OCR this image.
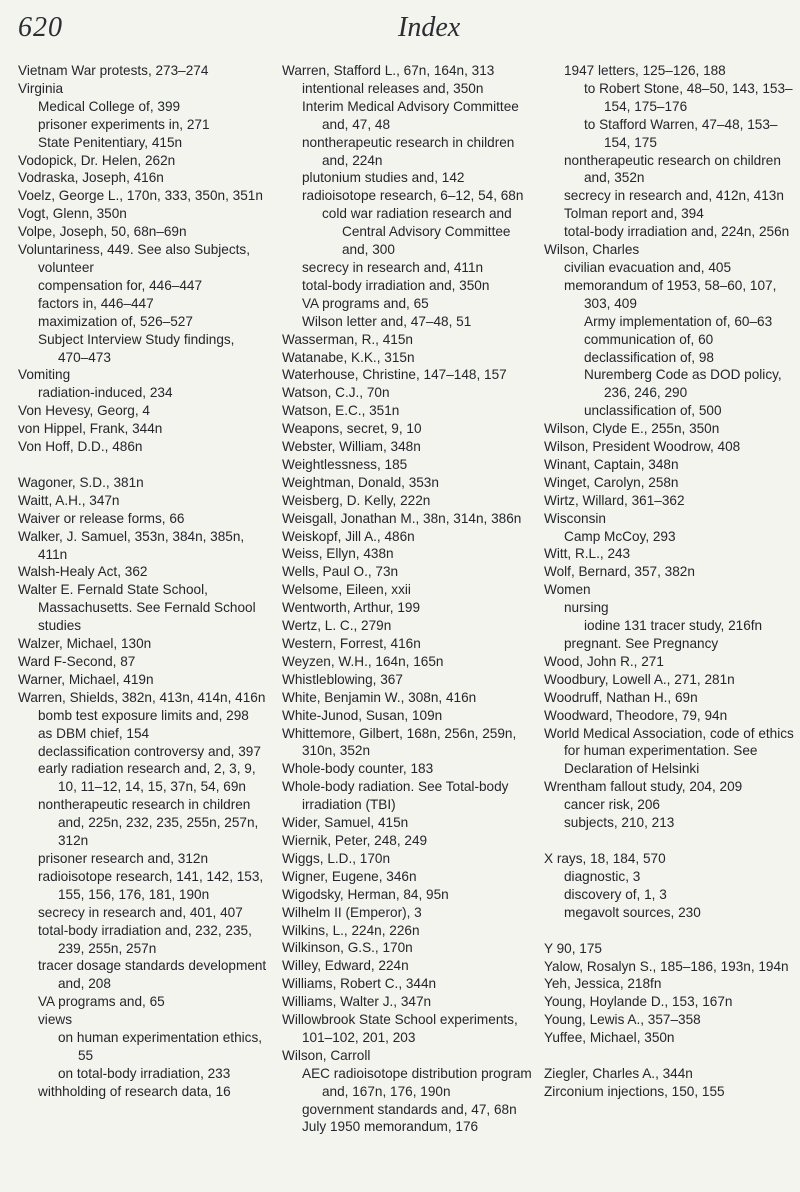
620	Index
Vietnam War protests, 273–274
Virginia
Medical College of, 399
prisoner experiments in, 271
State Penitentiary, 415n
Vodopick, Dr. Helen, 262n
Vodraska, Joseph, 416n
Voelz, George L., 170n, 333, 350n, 351n
Vogt, Glenn, 350n
Volpe, Joseph, 50, 68n–69n
Voluntariness, 449. See also Subjects, volunteer
compensation for, 446–447
factors in, 446–447
maximization of, 526–527
Subject Interview Study findings, 470–473
Vomiting
radiation-induced, 234
Von Hevesy, Georg, 4
von Hippel, Frank, 344n
Von Hoff, D.D., 486n
Wagoner, S.D., 381n
Waitt, A.H., 347n
Waiver or release forms, 66
Walker, J. Samuel, 353n, 384n, 385n, 411n
Walsh-Healy Act, 362
Walter E. Fernald State School, Massachusetts. See Fernald School studies
Walzer, Michael, 130n
Ward F-Second, 87
Warner, Michael, 419n
Warren, Shields, 382n, 413n, 414n, 416n
bomb test exposure limits and, 298
as DBM chief, 154
declassification controversy and, 397
early radiation research and, 2, 3, 9, 10, 11–12, 14, 15, 37n, 54, 69n
nontherapeutic research in children and, 225n, 232, 235, 255n, 257n, 312n
prisoner research and, 312n
radioisotope research, 141, 142, 153, 155, 156, 176, 181, 190n
secrecy in research and, 401, 407
total-body irradiation and, 232, 235, 239, 255n, 257n
tracer dosage standards development and, 208
VA programs and, 65
views
on human experimentation ethics, 55
on total-body irradiation, 233
withholding of research data, 16
Warren, Stafford L., 67n, 164n, 313
intentional releases and, 350n
Interim Medical Advisory Committee and, 47, 48
nontherapeutic research in children and, 224n
plutonium studies and, 142
radioisotope research, 6–12, 54, 68n
cold war radiation research and Central Advisory Committee and, 300
secrecy in research and, 411n
total-body irradiation and, 350n
VA programs and, 65
Wilson letter and, 47–48, 51
Wasserman, R., 415n
Watanabe, K.K., 315n
Waterhouse, Christine, 147–148, 157
Watson, C.J., 70n
Watson, E.C., 351n
Weapons, secret, 9, 10
Webster, William, 348n
Weightlessness, 185
Weightman, Donald, 353n
Weisberg, D. Kelly, 222n
Weisgall, Jonathan M., 38n, 314n, 386n
Weiskopf, Jill A., 486n
Weiss, Ellyn, 438n
Wells, Paul O., 73n
Welsome, Eileen, xxii
Wentworth, Arthur, 199
Wertz, L. C., 279n
Western, Forrest, 416n
Weyzen, W.H., 164n, 165n
Whistleblowing, 367
White, Benjamin W., 308n, 416n
White-Junod, Susan, 109n
Whittemore, Gilbert, 168n, 256n, 259n, 310n, 352n
Whole-body counter, 183
Whole-body radiation. See Total-body irradiation (TBI)
Wider, Samuel, 415n
Wiernik, Peter, 248, 249
Wiggs, L.D., 170n
Wigner, Eugene, 346n
Wigodsky, Herman, 84, 95n
Wilhelm II (Emperor), 3
Wilkins, L., 224n, 226n
Wilkinson, G.S., 170n
Willey, Edward, 224n
Williams, Robert C., 344n
Williams, Walter J., 347n
Willowbrook State School experiments, 101–102, 201, 203
Wilson, Carroll
AEC radioisotope distribution program and, 167n, 176, 190n
government standards and, 47, 68n
July 1950 memorandum, 176
1947 letters, 125–126, 188
to Robert Stone, 48–50, 143, 153–154, 175–176
to Stafford Warren, 47–48, 153–154, 175
nontherapeutic research on children and, 352n
secrecy in research and, 412n, 413n
Tolman report and, 394
total-body irradiation and, 224n, 256n
Wilson, Charles
civilian evacuation and, 405
memorandum of 1953, 58–60, 107, 303, 409
Army implementation of, 60–63
communication of, 60
declassification of, 98
Nuremberg Code as DOD policy, 236, 246, 290
unclassification of, 500
Wilson, Clyde E., 255n, 350n
Wilson, President Woodrow, 408
Winant, Captain, 348n
Winget, Carolyn, 258n
Wirtz, Willard, 361–362
Wisconsin
Camp McCoy, 293
Witt, R.L., 243
Wolf, Bernard, 357, 382n
Women
nursing
iodine 131 tracer study, 216fn
pregnant. See Pregnancy
Wood, John R., 271
Woodbury, Lowell A., 271, 281n
Woodruff, Nathan H., 69n
Woodward, Theodore, 79, 94n
World Medical Association, code of ethics for human experimentation. See Declaration of Helsinki
Wrentham fallout study, 204, 209
cancer risk, 206
subjects, 210, 213
X rays, 18, 184, 570
diagnostic, 3
discovery of, 1, 3
megavolt sources, 230
Y 90, 175
Yalow, Rosalyn S., 185–186, 193n, 194n
Yeh, Jessica, 218fn
Young, Hoylande D., 153, 167n
Young, Lewis A., 357–358
Yuffee, Michael, 350n
Ziegler, Charles A., 344n
Zirconium injections, 150, 155
